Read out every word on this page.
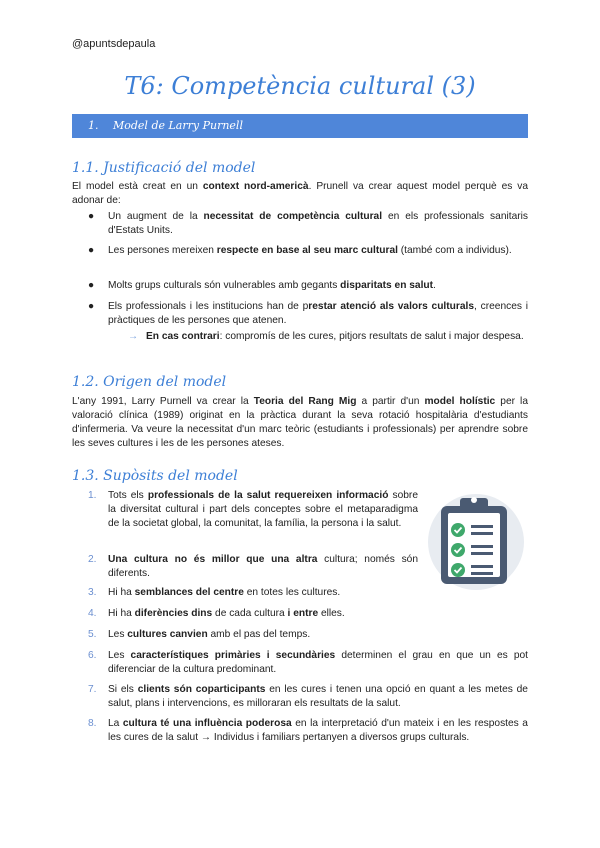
@apuntsdepaula
T6: Competència cultural (3)
1. Model de Larry Purnell
1.1. Justificació del model
El model està creat en un context nord-americà. Prunell va crear aquest model perquè es va adonar de:
● Un augment de la necessitat de competència cultural en els professionals sanitaris d'Estats Units.
● Les persones mereixen respecte en base al seu marc cultural (també com a individus).
● Molts grups culturals són vulnerables amb gegants disparitats en salut.
● Els professionals i les institucions han de prestar atenció als valors culturals, creences i pràctiques de les persones que atenen.
→ En cas contrari: compromís de les cures, pitjors resultats de salut i major despesa.
1.2. Origen del model
L'any 1991, Larry Purnell va crear la Teoria del Rang Mig a partir d'un model holístic per la valoració clínica (1989) originat en la pràctica durant la seva rotació hospitalària d'estudiants d'infermeria. Va veure la necessitat d'un marc teòric (estudiants i professionals) per aprendre sobre les seves cultures i les de les persones ateses.
1.3. Supòsits del model
1. Tots els professionals de la salut requereixen informació sobre la diversitat cultural i part dels conceptes sobre el metaparadigma de la societat global, la comunitat, la família, la persona i la salut.
2. Una cultura no és millor que una altra cultura; només són diferents.
3. Hi ha semblances del centre en totes les cultures.
4. Hi ha diferències dins de cada cultura i entre elles.
5. Les cultures canvien amb el pas del temps.
6. Les característiques primàries i secundàries determinen el grau en que un es pot diferenciar de la cultura predominant.
7. Si els clients són coparticipants en les cures i tenen una opció en quant a les metes de salut, plans i intervencions, es milloraran els resultats de la salut.
8. La cultura té una influència poderosa en la interpretació d'un mateix i en les respostes a les cures de la salut → Individus i familiars pertanyen a diversos grups culturals.
